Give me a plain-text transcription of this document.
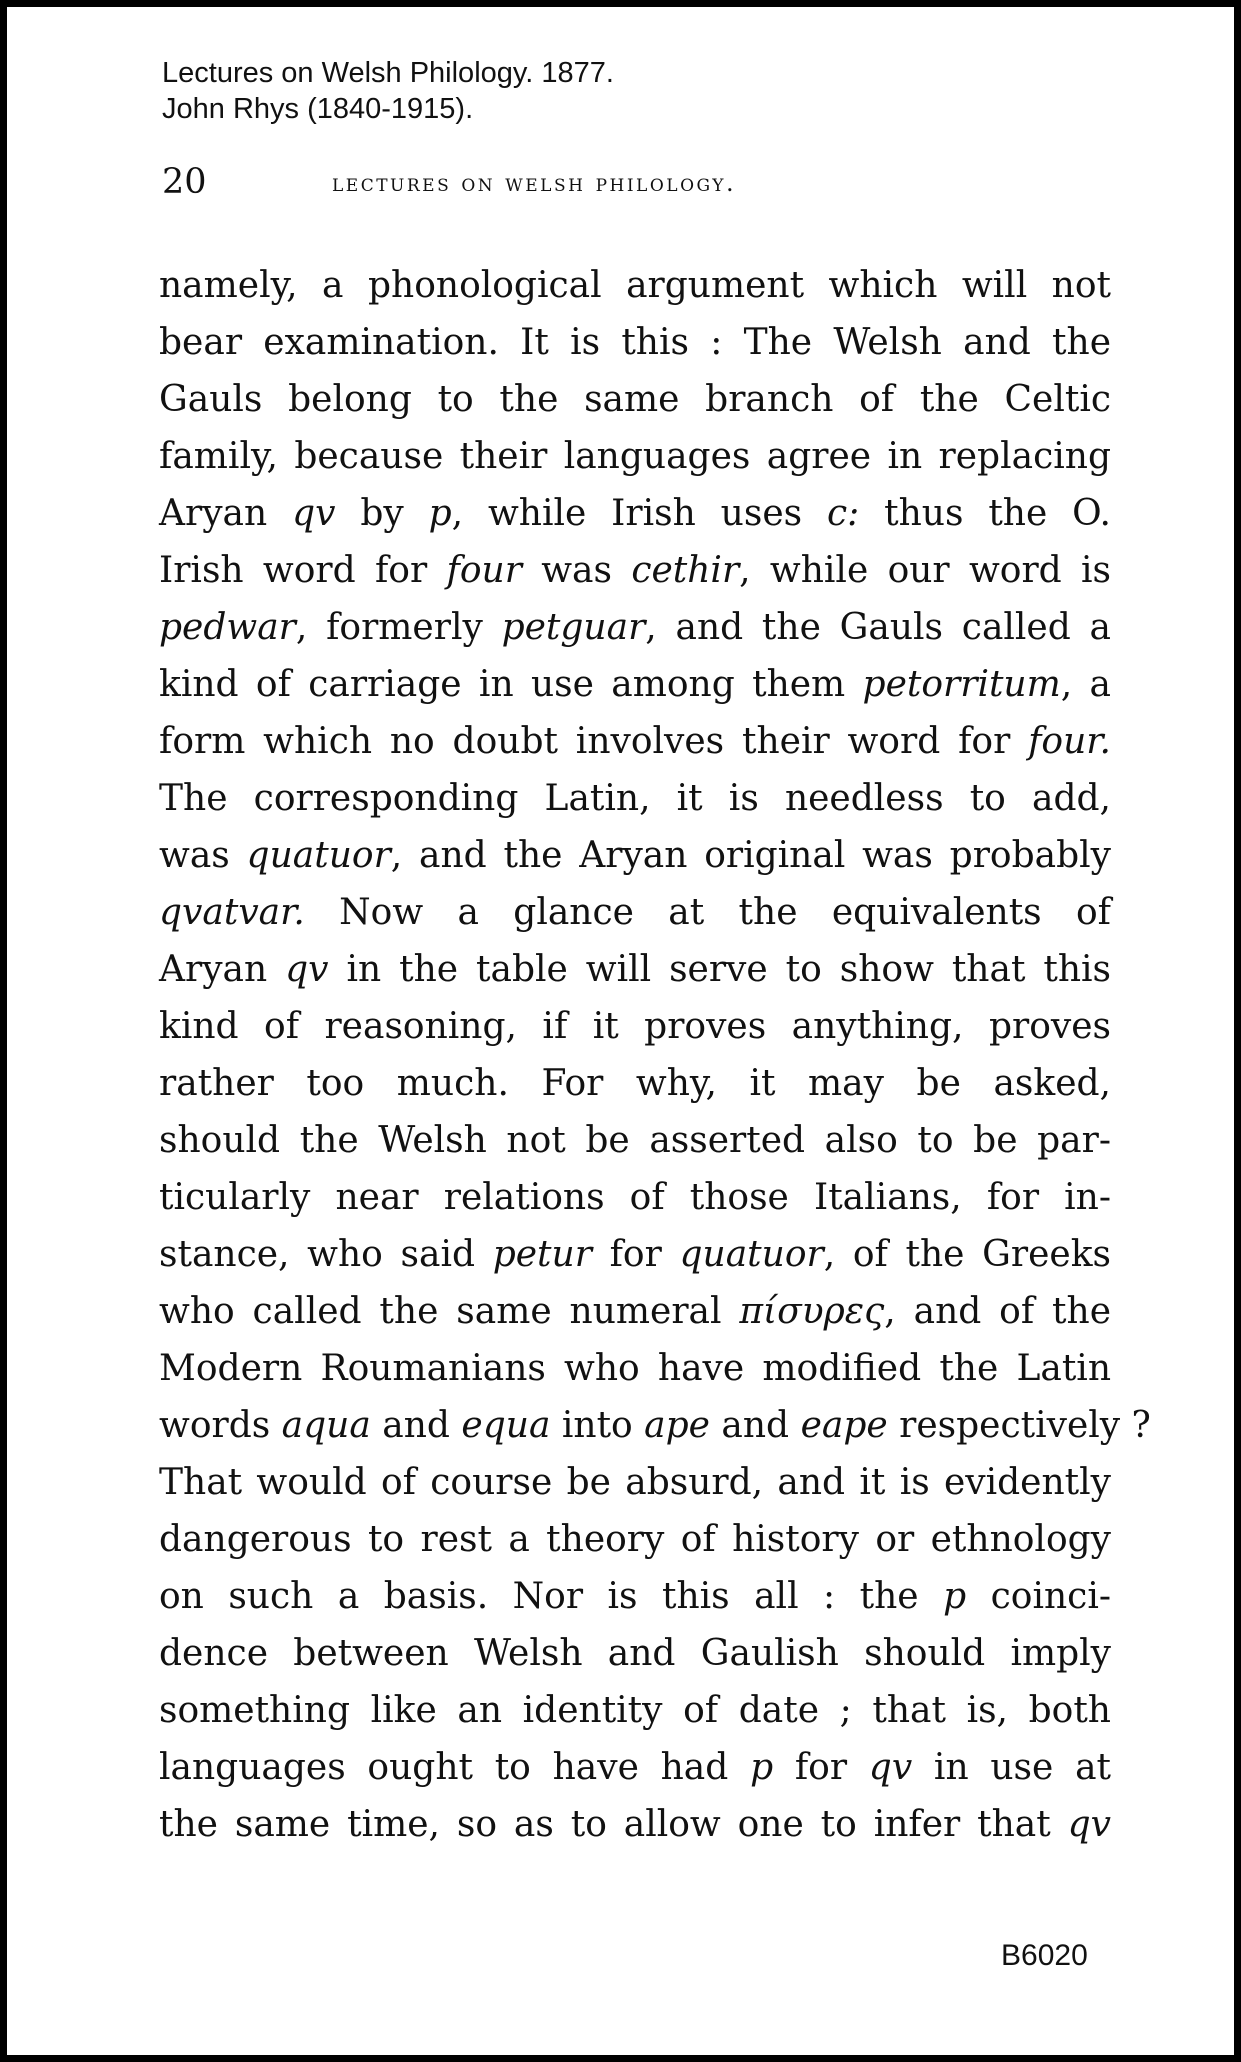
Lectures on Welsh Philology. 1877.
John Rhys (1840-1915).
20	lectures on welsh philology.
namely, a phonological argument which will not
bear examination. It is this : The Welsh and the
Gauls belong to the same branch of the Celtic
family, because their languages agree in replacing
Aryan qv by p, while Irish uses c: thus the O.
Irish word for four was cethir, while our word is
pedwar, formerly petguar, and the Gauls called a
kind of carriage in use among them petorritum, a
form which no doubt involves their word for four.
The corresponding Latin, it is needless to add,
was quatuor, and the Aryan original was probably
qvatvar. Now a glance at the equivalents of
Aryan qv in the table will serve to show that this
kind of reasoning, if it proves anything, proves
rather too much. For why, it may be asked,
should the Welsh not be asserted also to be par-
ticularly near relations of those Italians, for in-
stance, who said petur for quatuor, of the Greeks
who called the same numeral πίσυρες, and of the
Modern Roumanians who have modified the Latin
words aqua and equa into ape and eape respectively ?
That would of course be absurd, and it is evidently
dangerous to rest a theory of history or ethnology
on such a basis. Nor is this all : the p coinci-
dence between Welsh and Gaulish should imply
something like an identity of date ; that is, both
languages ought to have had p for qv in use at
the same time, so as to allow one to infer that qv
B6020
